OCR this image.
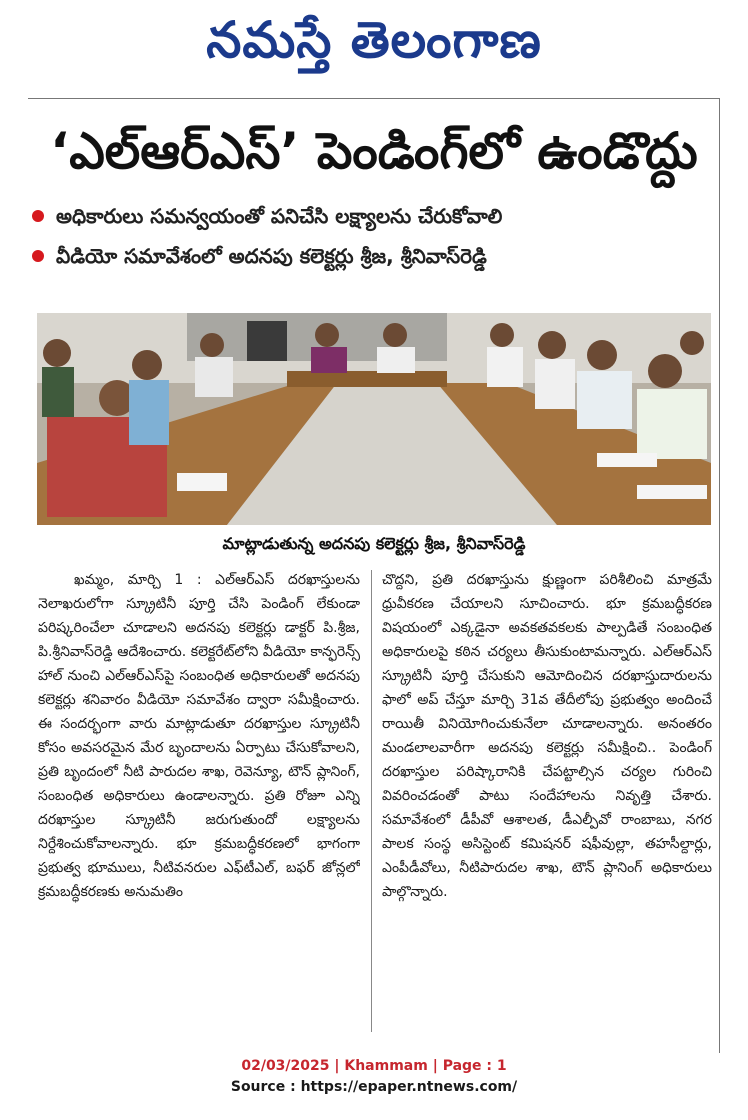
నమస్తే తెలంగాణ
‘ఎల్‌ఆర్‌ఎస్‌’ పెండింగ్‌లో ఉండొద్దు
అధికారులు సమన్వయంతో పనిచేసి లక్ష్యాలను చేరుకోవాలి
వీడియో సమావేశంలో అదనపు కలెక్టర్లు శ్రీజ, శ్రీనివాస్‌రెడ్డి
మాట్లాడుతున్న అదనపు కలెక్టర్లు శ్రీజ, శ్రీనివాస్‌రెడ్డి
ఖమ్మం, మార్చి 1 : ఎల్‌ఆర్‌ఎస్‌ దరఖాస్తులను నెలాఖరులోగా స్క్రూటినీ పూర్తి చేసి పెండింగ్‌ లేకుండా పరిష్కరించేలా చూడాలని అదనపు కలెక్టర్లు డాక్టర్‌ పి.శ్రీజ, పి.శ్రీనివాస్‌రెడ్డి ఆదేశించారు. కలెక్టరేట్‌లోని వీడియో కాన్ఫరెన్స్‌ హాల్‌ నుంచి ఎల్‌ఆర్‌ఎస్‌పై సంబంధిత అధికారులతో అదనపు కలెక్టర్లు శనివారం వీడియో సమావేశం ద్వారా సమీక్షించారు. ఈ సందర్భంగా వారు మాట్లాడుతూ దరఖాస్తుల స్క్రూటినీ కోసం అవసరమైన మేర బృందాలను ఏర్పాటు చేసుకోవాలని, ప్రతి బృందంలో నీటి పారుదల శాఖ, రెవెన్యూ, టౌన్‌ ప్లానింగ్‌, సంబంధిత అధికారులు ఉండాలన్నారు. ప్రతి రోజూ ఎన్ని దరఖాస్తుల స్క్రూటినీ జరుగుతుందో లక్ష్యాలను నిర్దేశించుకోవాలన్నారు. భూ క్రమబద్ధీకరణలో భాగంగా ప్రభుత్వ భూములు, నీటివనరుల ఎఫ్‌టీఎల్‌, బఫర్‌ జోన్లలో క్రమబద్ధీకరణకు అనుమతిం
చొద్దని, ప్రతి దరఖాస్తును క్షుణ్ణంగా పరిశీలించి మాత్రమే ధ్రువీకరణ చేయాలని సూచించారు. భూ క్రమబద్ధీకరణ విషయంలో ఎక్కడైనా అవకతవకలకు పాల్పడితే సంబంధిత అధికారులపై కఠిన చర్యలు తీసుకుంటామన్నారు. ఎల్‌ఆర్‌ఎస్‌ స్క్రూటినీ పూర్తి చేసుకుని ఆమోదించిన దరఖాస్తుదారులను ఫాలో అప్‌ చేస్తూ మార్చి 31వ తేదీలోపు ప్రభుత్వం అందించే రాయితీ వినియోగించుకునేలా చూడాలన్నారు. అనంతరం మండలాలవారీగా అదనపు కలెక్టర్లు సమీక్షించి.. పెండింగ్‌ దరఖాస్తుల పరిష్కారానికి చేపట్టాల్సిన చర్యల గురించి వివరించడంతో పాటు సందేహాలను నివృత్తి చేశారు. సమావేశంలో డీపీవో ఆశాలత, డీఎల్పీవో రాంబాబు, నగర పాలక సంస్థ అసిస్టెంట్‌ కమిషనర్‌ షఫీవుల్లా, తహసీల్దార్లు, ఎంపీడీవోలు, నీటిపారుదల శాఖ, టౌన్‌ ప్లానింగ్‌ అధికారులు పాల్గొన్నారు.
02/03/2025 | Khammam | Page : 1
Source : https://epaper.ntnews.com/
